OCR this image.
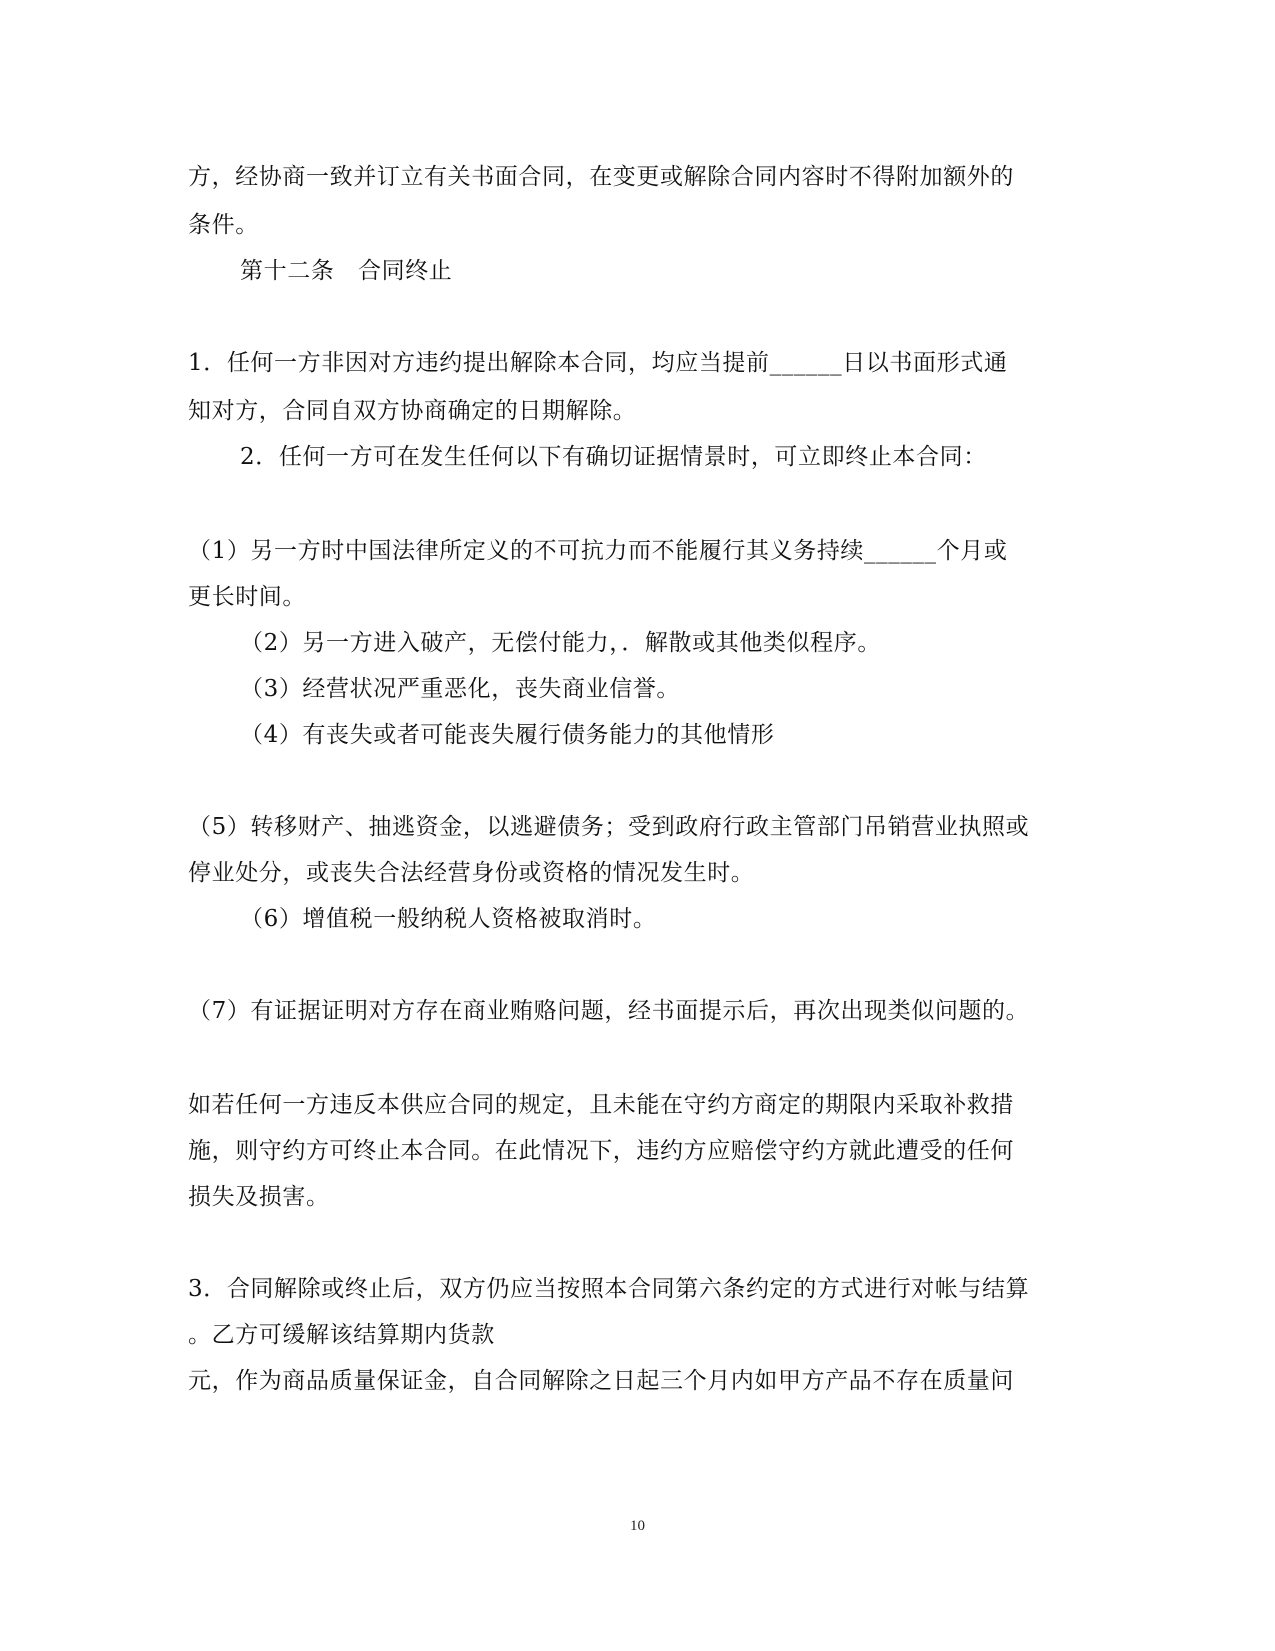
方，经协商一致并订立有关书面合同，在变更或解除合同内容时不得附加额外的
条件。
第十二条　合同终止
1．任何一方非因对方违约提出解除本合同，均应当提前______日以书面形式通
知对方，合同自双方协商确定的日期解除。
2．任何一方可在发生任何以下有确切证据情景时，可立即终止本合同：
（1）另一方时中国法律所定义的不可抗力而不能履行其义务持续______个月或
更长时间。
（2）另一方进入破产，无偿付能力，．解散或其他类似程序。
（3）经营状况严重恶化，丧失商业信誉。
（4）有丧失或者可能丧失履行债务能力的其他情形
（5）转移财产、抽逃资金，以逃避债务；受到政府行政主管部门吊销营业执照或
停业处分，或丧失合法经营身份或资格的情况发生时。
（6）增值税一般纳税人资格被取消时。
（7）有证据证明对方存在商业贿赂问题，经书面提示后，再次出现类似问题的。
如若任何一方违反本供应合同的规定，且未能在守约方商定的期限内采取补救措
施，则守约方可终止本合同。在此情况下，违约方应赔偿守约方就此遭受的任何
损失及损害。
3．合同解除或终止后，双方仍应当按照本合同第六条约定的方式进行对帐与结算
。乙方可缓解该结算期内货款
元，作为商品质量保证金，自合同解除之日起三个月内如甲方产品不存在质量问
10
